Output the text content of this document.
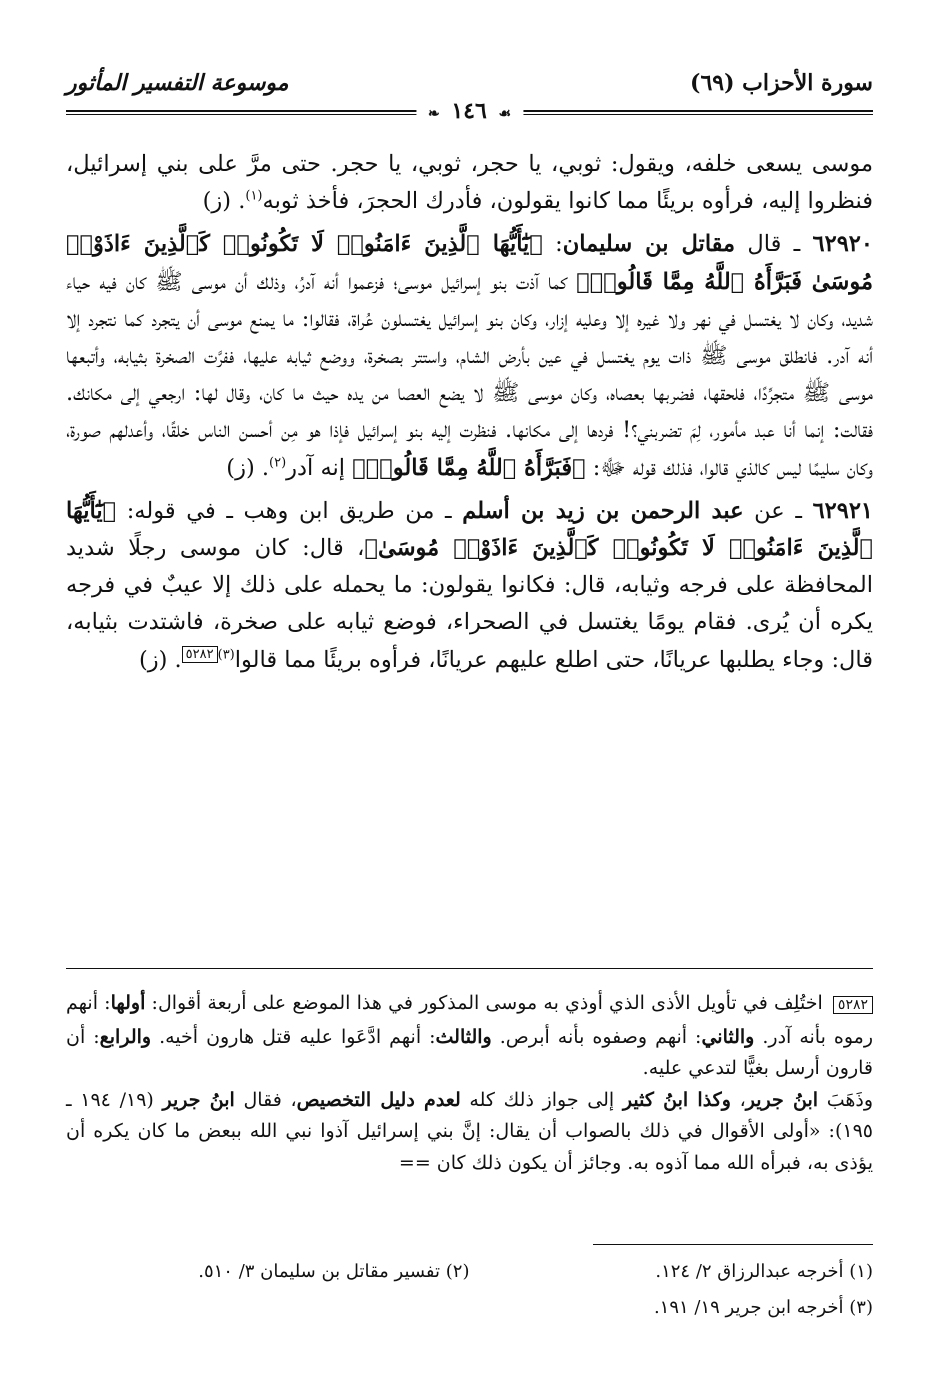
سورة الأحزاب (٦٩)
موسوعة التفسير المأثور
☙ ١٤٦ ❧

موسى يسعى خلفه، ويقول: ثوبي، يا حجر، ثوبي، يا حجر. حتى مرَّ على بني إسرائيل، فنظروا إليه، فرأوه بريئًا مما كانوا يقولون، فأدرك الحجرَ، فأخذ ثوبه$^{(١)}$. (ز)

٦٢٩٢٠ ـ قال مقاتل بن سليمان: ﴿يَٰٓأَيُّهَا ٱلَّذِينَ ءَامَنُوا۟ لَا تَكُونُوا۟ كَٱلَّذِينَ ءَاذَوْا۟ مُوسَىٰ فَبَرَّأَهُ ٱللَّهُ مِمَّا قَالُوا۟﴾ كما آذت بنو إسرائيل موسى؛ فزعموا أنه آدرُ، وذلك أن موسى ﷺ كان فيه حياء شديد، وكان لا يغتسل في نهر ولا غيره إلا وعليه إزار، وكان بنو إسرائيل يغتسلون عُراة، فقالوا: ما يمنع موسى أن يتجرد كما نتجرد إلا أنه آدر. فانطلق موسى ﷺ ذات يوم يغتسل في عين بأرض الشام، واستتر بصخرة، ووضع ثيابه عليها، ففرَّت الصخرة بثيابه، وأتبعها موسى ﷺ متجرِّدًا، فلحقها، فضربها بعصاه، وكان موسى ﷺ لا يضع العصا من يده حيث ما كان، وقال لها: ارجعي إلى مكانك. فقالت: إنما أنا عبد مأمور، لِمَ تضربني؟! فردها إلى مكانها. فنظرت إليه بنو إسرائيل فإذا هو مِن أحسن الناس خلقًا، وأعدلهم صورة، وكان سليمًا ليس كالذي قالوا، فذلك قوله ﷻ: ﴿فَبَرَّأَهُ ٱللَّهُ مِمَّا قَالُوا۟﴾ إنه آدر$^{(٢)}$. (ز)

٦٢٩٢١ ـ عن عبد الرحمن بن زيد بن أسلم ـ من طريق ابن وهب ـ في قوله: ﴿يَٰٓأَيُّهَا ٱلَّذِينَ ءَامَنُوا۟ لَا تَكُونُوا۟ كَٱلَّذِينَ ءَاذَوْا۟ مُوسَىٰ﴾، قال: كان موسى رجلًا شديد المحافظة على فرجه وثيابه، قال: فكانوا يقولون: ما يحمله على ذلك إلا عيبٌ في فرجه يكره أن يُرى. فقام يومًا يغتسل في الصحراء، فوضع ثيابه على صخرة، فاشتدت بثيابه، قال: وجاء يطلبها عريانًا، حتى اطلع عليهم عريانًا، فرأوه بريئًا مما قالوا$^{(٣)٥٢٨٢}$. (ز)

٥٢٨٢ اختُلِف في تأويل الأذى الذي أوذي به موسى المذكور في هذا الموضع على أربعة أقوال: أولها: أنهم رموه بأنه آدر. والثاني: أنهم وصفوه بأنه أبرص. والثالث: أنهم ادَّعَوا عليه قتل هارون أخيه. والرابع: أن قارون أرسل بغيًّا لتدعي عليه.

وذَهَبَ ابنُ جرير، وكذا ابنُ كثير إلى جواز ذلك كله لعدم دليل التخصيص، فقال ابنُ جرير (١٩/ ١٩٤ ـ ١٩٥): «أولى الأقوال في ذلك بالصواب أن يقال: إنَّ بني إسرائيل آذوا نبي الله ببعض ما كان يكره أن يؤذى به، فبرأه الله مما آذوه به. وجائز أن يكون ذلك كان ==

(١) أخرجه عبدالرزاق ٢/ ١٢٤.
(٢) تفسير مقاتل بن سليمان ٣/ ٥١٠.
(٣) أخرجه ابن جرير ١٩/ ١٩١.
